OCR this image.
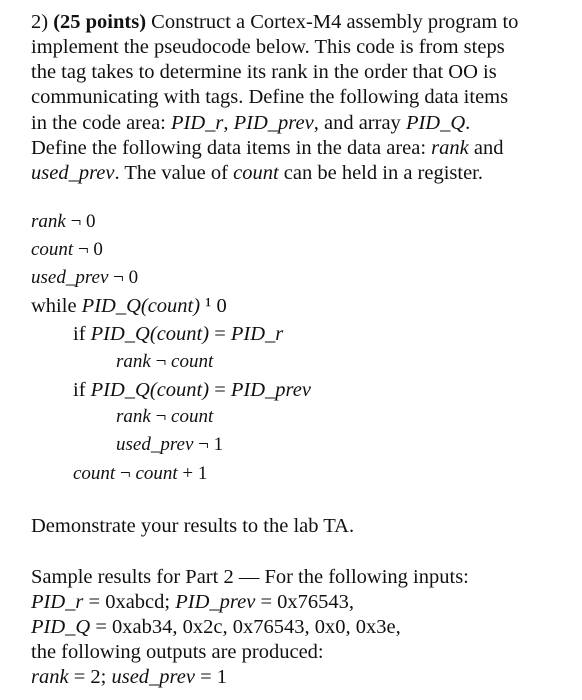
2) (25 points) Construct a Cortex-M4 assembly program to
implement the pseudocode below. This code is from steps
the tag takes to determine its rank in the order that OO is
communicating with tags. Define the following data items
in the code area: PID_r, PID_prev, and array PID_Q.
Define the following data items in the data area: rank and
used_prev. The value of count can be held in a register.
rank ¬ 0
count ¬ 0
used_prev ¬ 0
while PID_Q(count) ¹ 0
if PID_Q(count) = PID_r
rank ¬ count
if PID_Q(count) = PID_prev
rank ¬ count
used_prev ¬ 1
count ¬ count + 1
Demonstrate your results to the lab TA.
Sample results for Part 2 — For the following inputs:
PID_r = 0xabcd; PID_prev = 0x76543,
PID_Q = 0xab34, 0x2c, 0x76543, 0x0, 0x3e,
the following outputs are produced:
rank = 2; used_prev = 1
